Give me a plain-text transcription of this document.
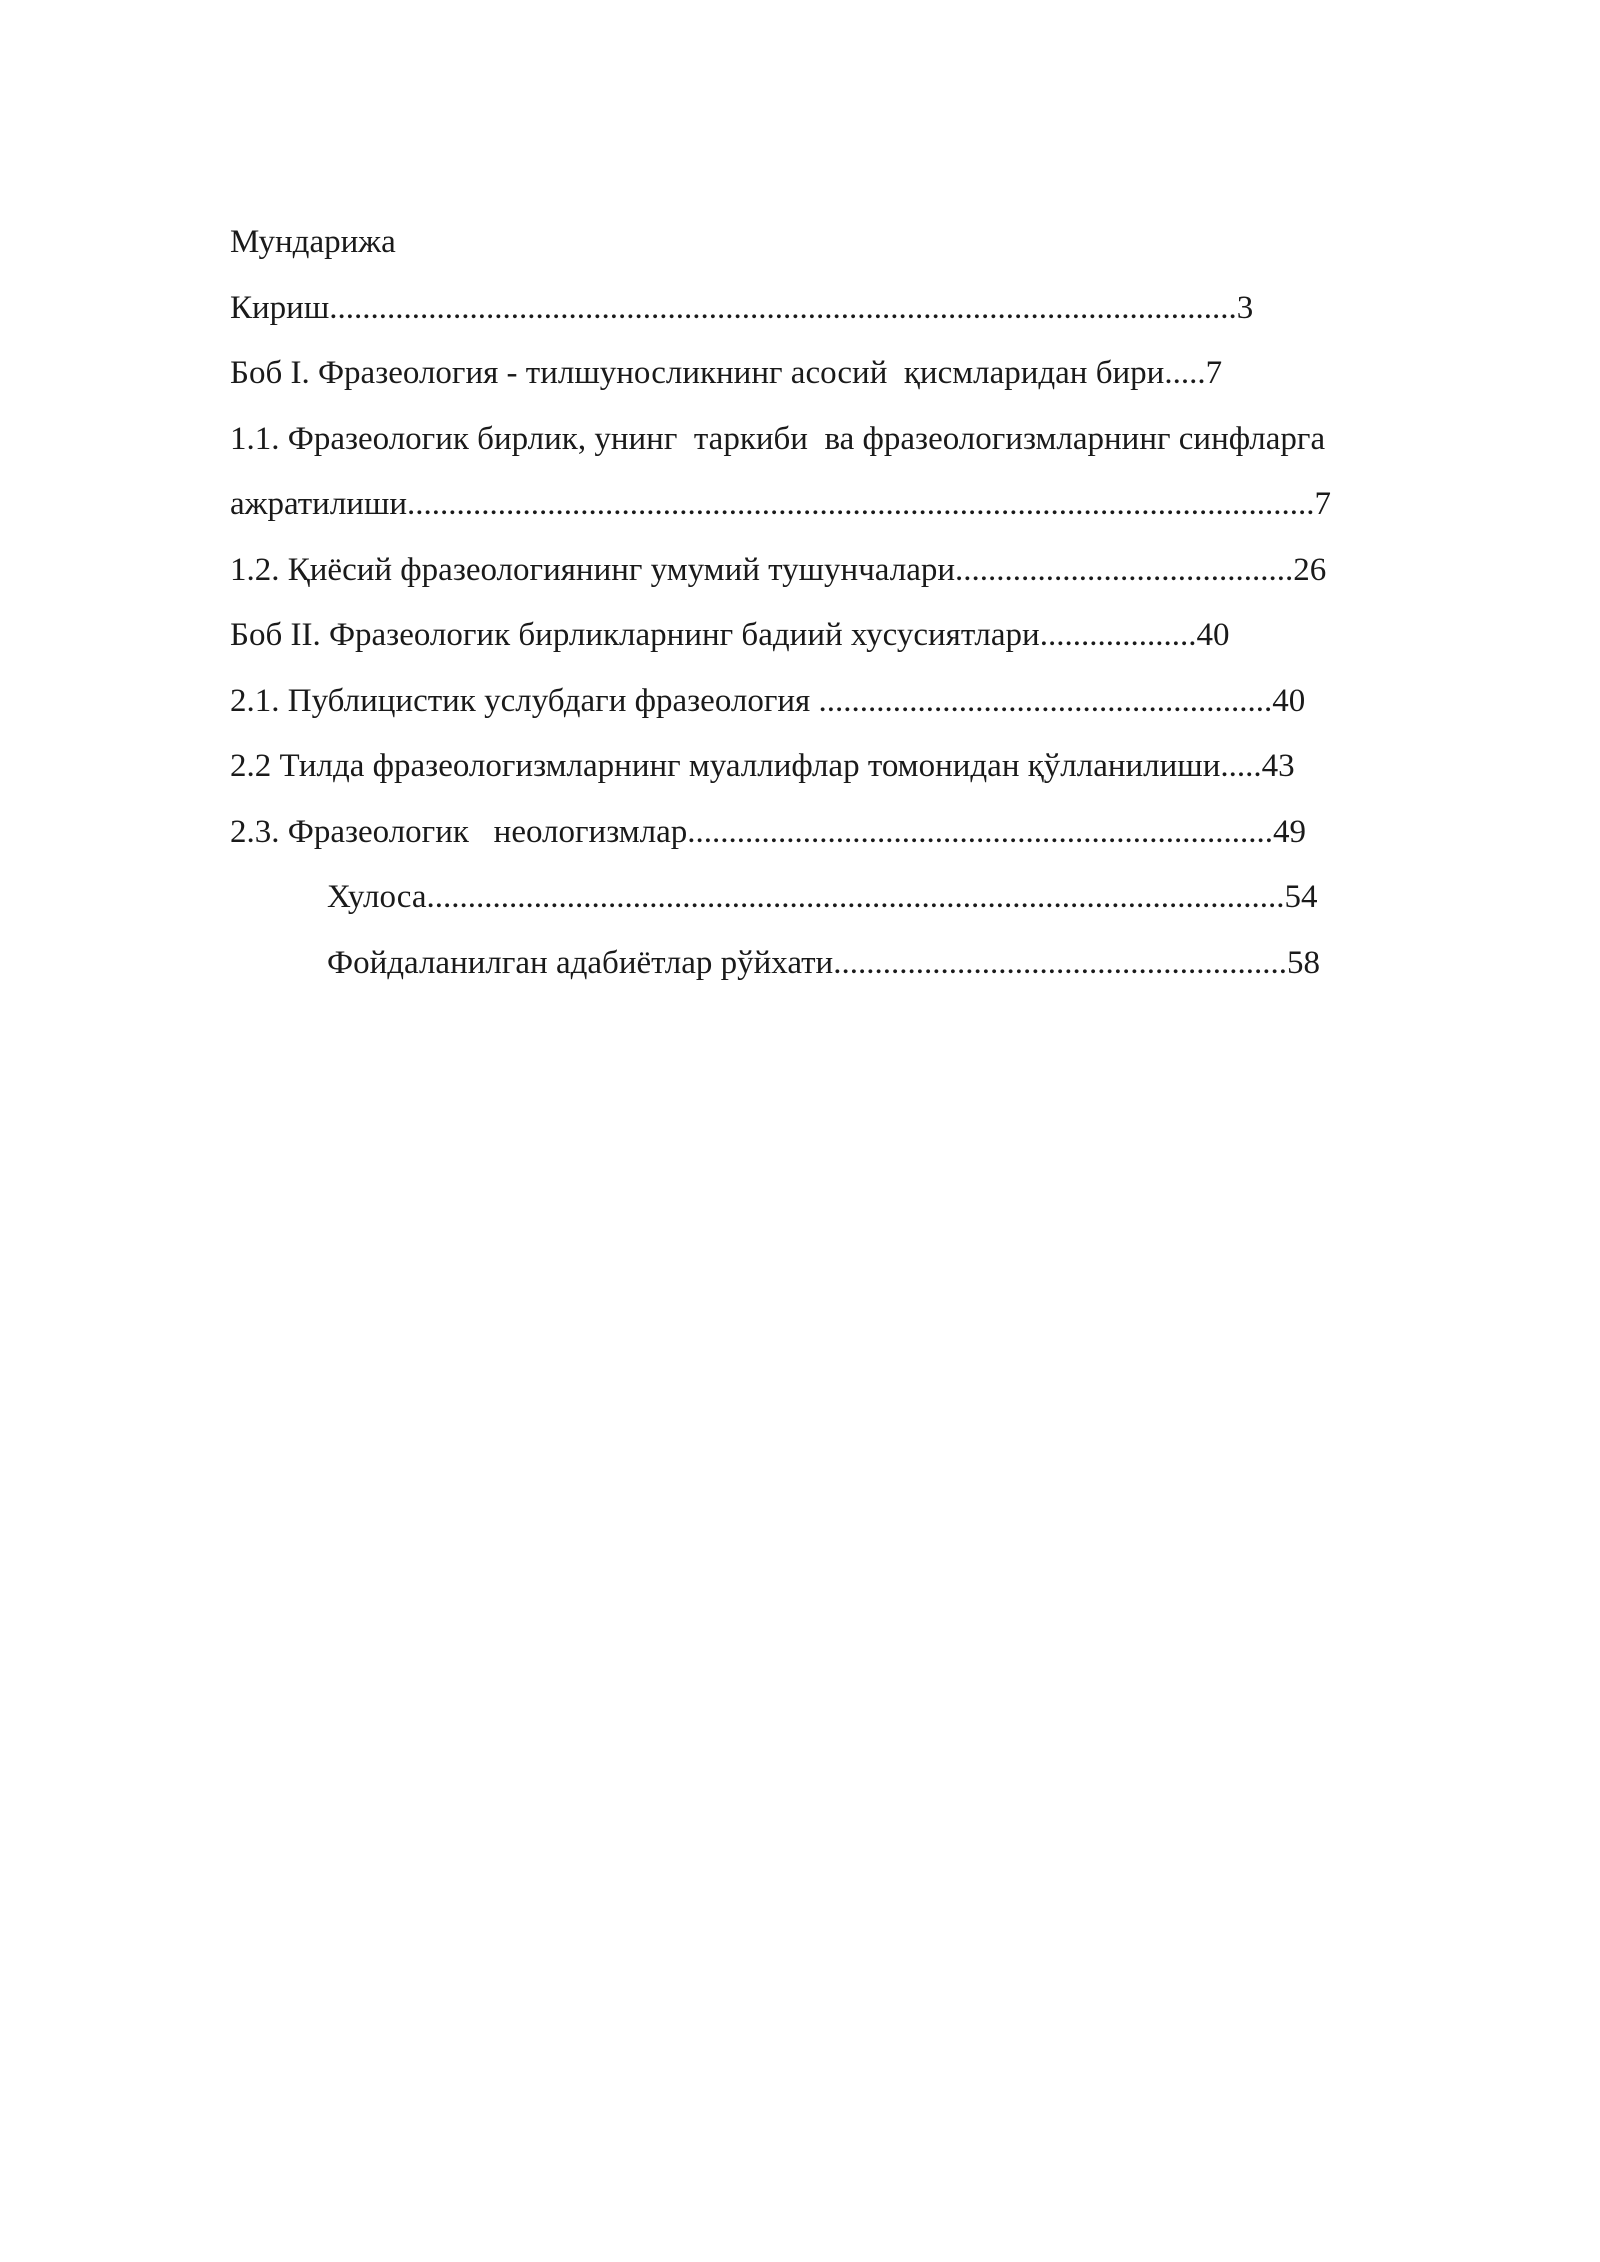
Мундарижа

Кириш..............................................................................................................3

Боб I. Фразеология - тилшуносликнинг асосий  қисмларидан бири.....7

1.1. Фразеологик бирлик, унинг  таркиби  ва фразеологизмларнинг синфларга

ажратилиши..............................................................................................................7

1.2. Қиёсий фразеологиянинг умумий тушунчалари.........................................26

Боб II. Фразеологик бирликларнинг бадиий хусусиятлари...................40

2.1. Публицистик услубдаги фразеология .......................................................40

2.2 Тилда фразеологизмларнинг муаллифлар томонидан қўлланилиши.....43

2.3. Фразеологик   неологизмлар.......................................................................49

Хулоса........................................................................................................54

Фойдаланилган адабиётлар рўйхати.......................................................58
